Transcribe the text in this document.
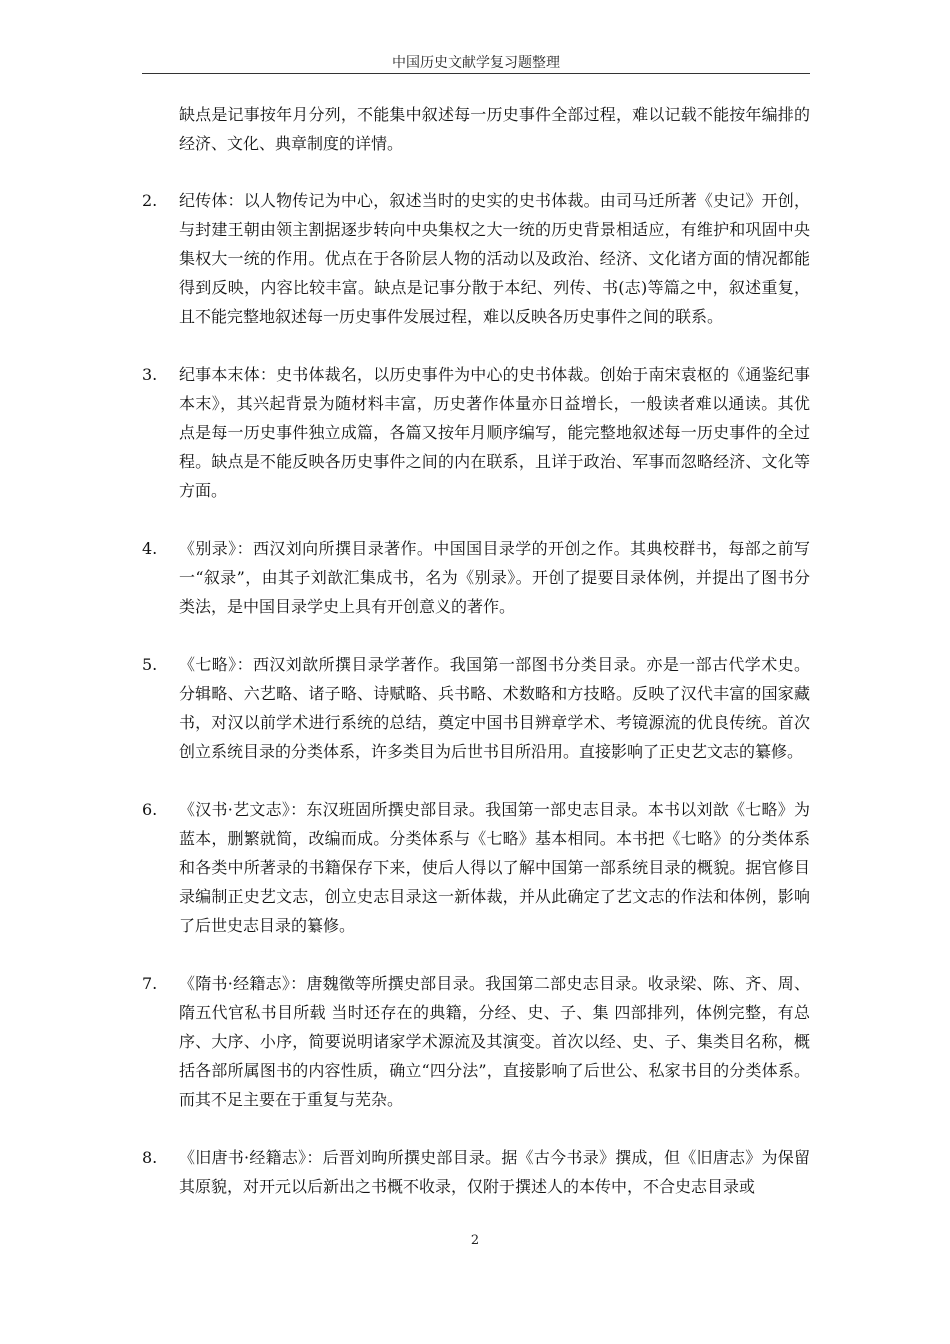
中国历史文献学复习题整理
缺点是记事按年月分列，不能集中叙述每一历史事件全部过程，难以记载不能按年编排的经济、文化、典章制度的详情。
2.	纪传体：以人物传记为中心，叙述当时的史实的史书体裁。由司马迁所著《史记》开创，与封建王朝由领主割据逐步转向中央集权之大一统的历史背景相适应，有维护和巩固中央集权大一统的作用。优点在于各阶层人物的活动以及政治、经济、文化诸方面的情况都能得到反映，内容比较丰富。缺点是记事分散于本纪、列传、书(志)等篇之中，叙述重复，且不能完整地叙述每一历史事件发展过程，难以反映各历史事件之间的联系。
3.	纪事本末体：史书体裁名，以历史事件为中心的史书体裁。创始于南宋袁枢的《通鉴纪事本末》，其兴起背景为随材料丰富，历史著作体量亦日益增长，一般读者难以通读。其优点是每一历史事件独立成篇，各篇又按年月顺序编写，能完整地叙述每一历史事件的全过程。缺点是不能反映各历史事件之间的内在联系，且详于政治、军事而忽略经济、文化等方面。
4.	《别录》：西汉刘向所撰目录著作。中国国目录学的开创之作。其典校群书，每部之前写一“叙录”，由其子刘歆汇集成书，名为《别录》。开创了提要目录体例，并提出了图书分类法，是中国目录学史上具有开创意义的著作。
5.	《七略》：西汉刘歆所撰目录学著作。我国第一部图书分类目录。亦是一部古代学术史。分辑略、六艺略、诸子略、诗赋略、兵书略、术数略和方技略。反映了汉代丰富的国家藏书，对汉以前学术进行系统的总结，奠定中国书目辨章学术、考镜源流的优良传统。首次创立系统目录的分类体系，许多类目为后世书目所沿用。直接影响了正史艺文志的纂修。
6.	《汉书·艺文志》：东汉班固所撰史部目录。我国第一部史志目录。本书以刘歆《七略》为蓝本，删繁就简，改编而成。分类体系与《七略》基本相同。本书把《七略》的分类体系和各类中所著录的书籍保存下来，使后人得以了解中国第一部系统目录的概貌。据官修目录编制正史艺文志，创立史志目录这一新体裁，并从此确定了艺文志的作法和体例，影响了后世史志目录的纂修。
7.	《隋书·经籍志》：唐魏徵等所撰史部目录。我国第二部史志目录。收录梁、陈、齐、周、隋五代官私书目所载 当时还存在的典籍，分经、史、子、集 四部排列，体例完整，有总序、大序、小序，简要说明诸家学术源流及其演变。首次以经、史、子、集类目名称，概括各部所属图书的内容性质，确立“四分法”，直接影响了后世公、私家书目的分类体系。而其不足主要在于重复与芜杂。
8.	《旧唐书·经籍志》：后晋刘昫所撰史部目录。据《古今书录》撰成，但《旧唐志》为保留其原貌，对开元以后新出之书概不收录，仅附于撰述人的本传中，不合史志目录或
2
